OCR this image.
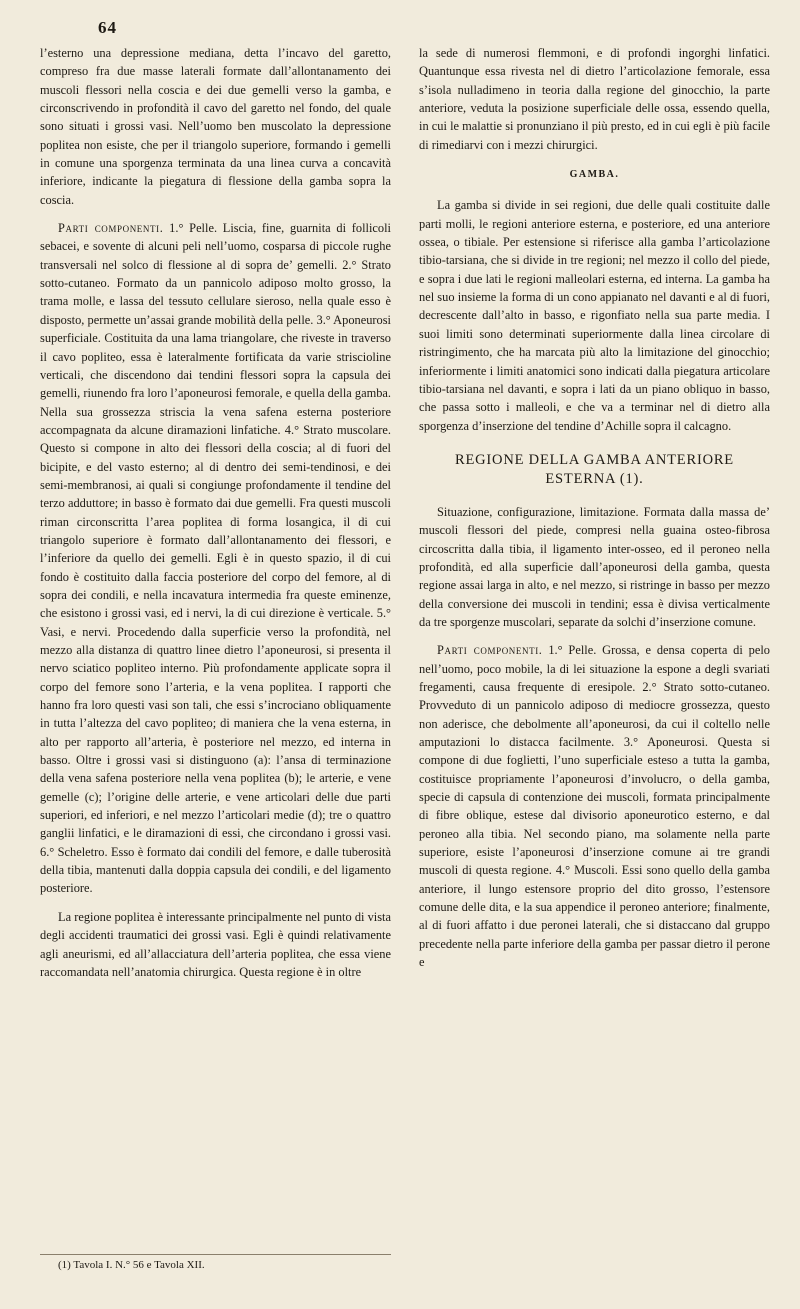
64

l’esterno una depressione mediana, detta l’incavo del garetto, compreso fra due masse laterali formate dall’allontanamento dei muscoli flessori nella coscia e dei due gemelli verso la gamba, e circonscrivendo in profondità il cavo del garetto nel fondo, del quale sono situati i grossi vasi. Nell’uomo ben muscolato la depressione poplitea non esiste, che per il triangolo superiore, formando i gemelli in comune una sporgenza terminata da una linea curva a concavità inferiore, indicante la piegatura di flessione della gamba sopra la coscia.

Parti componenti. 1.° Pelle. Liscia, fine, guarnita di follicoli sebacei, e sovente di alcuni peli nell’uomo, cosparsa di piccole rughe transversali nel solco di flessione al di sopra de’ gemelli. 2.° Strato sotto-cutaneo. Formato da un pannicolo adiposo molto grosso, la trama molle, e lassa del tessuto cellulare sieroso, nella quale esso è disposto, permette un’assai grande mobilità della pelle. 3.° Aponeurosi superficiale. Costituita da una lama triangolare, che riveste in traverso il cavo popliteo, essa è lateralmente fortificata da varie striscioline verticali, che discendono dai tendini flessori sopra la capsula dei gemelli, riunendo fra loro l’aponeurosi femorale, e quella della gamba. Nella sua grossezza striscia la vena safena esterna posteriore accompagnata da alcune diramazioni linfatiche. 4.° Strato muscolare. Questo si compone in alto dei flessori della coscia; al di fuori del bicipite, e del vasto esterno; al di dentro dei semi-tendinosi, e dei semi-membranosi, ai quali si congiunge profondamente il tendine del terzo adduttore; in basso è formato dai due gemelli. Fra questi muscoli riman circonscritta l’area poplitea di forma losangica, il di cui triangolo superiore è formato dall’allontanamento dei flessori, e l’inferiore da quello dei gemelli. Egli è in questo spazio, il di cui fondo è costituito dalla faccia posteriore del corpo del femore, al di sopra dei condili, e nella incavatura intermedia fra queste eminenze, che esistono i grossi vasi, ed i nervi, la di cui direzione è verticale. 5.° Vasi, e nervi. Procedendo dalla superficie verso la profondità, nel mezzo alla distanza di quattro linee dietro l’aponeurosi, si presenta il nervo sciatico popliteo interno. Più profondamente applicate sopra il corpo del femore sono l’arteria, e la vena poplitea. I rapporti che hanno fra loro questi vasi son tali, che essi s’incrociano obliquamente in tutta l’altezza del cavo popliteo; di maniera che la vena esterna, in alto per rapporto all’arteria, è posteriore nel mezzo, ed interna in basso. Oltre i grossi vasi si distinguono (a): l’ansa di terminazione della vena safena posteriore nella vena poplitea (b); le arterie, e vene gemelle (c); l’origine delle arterie, e vene articolari delle due parti superiori, ed inferiori, e nel mezzo l’articolari medie (d); tre o quattro ganglii linfatici, e le diramazioni di essi, che circondano i grossi vasi. 6.° Scheletro. Esso è formato dai condili del femore, e dalle tuberosità della tibia, mantenuti dalla doppia capsula dei condili, e del ligamento posteriore.

La regione poplitea è interessante principalmente nel punto di vista degli accidenti traumatici dei grossi vasi. Egli è quindi relativamente agli aneurismi, ed all’allacciatura dell’arteria poplitea, che essa viene raccomandata nell’anatomia chirurgica. Questa regione è in oltre

la sede di numerosi flemmoni, e di profondi ingorghi linfatici. Quantunque essa rivesta nel di dietro l’articolazione femorale, essa s’isola nulladimeno in teoria dalla regione del ginocchio, la parte anteriore, veduta la posizione superficiale delle ossa, essendo quella, in cui le malattie si pronunziano il più presto, ed in cui egli è più facile di rimediarvi con i mezzi chirurgici.

GAMBA.

La gamba si divide in sei regioni, due delle quali costituite dalle parti molli, le regioni anteriore esterna, e posteriore, ed una anteriore ossea, o tibiale. Per estensione si riferisce alla gamba l’articolazione tibio-tarsiana, che si divide in tre regioni; nel mezzo il collo del piede, e sopra i due lati le regioni malleolari esterna, ed interna. La gamba ha nel suo insieme la forma di un cono appianato nel davanti e al di fuori, decrescente dall’alto in basso, e rigonfiato nella sua parte media. I suoi limiti sono determinati superiormente dalla linea circolare di ristringimento, che ha marcata più alto la limitazione del ginocchio; inferiormente i limiti anatomici sono indicati dalla piegatura articolare tibio-tarsiana nel davanti, e sopra i lati da un piano obliquo in basso, che passa sotto i malleoli, e che va a terminar nel di dietro alla sporgenza d’inserzione del tendine d’Achille sopra il calcagno.

REGIONE DELLA GAMBA ANTERIORE
ESTERNA (1).

Situazione, configurazione, limitazione. Formata dalla massa de’ muscoli flessori del piede, compresi nella guaina osteo-fibrosa circoscritta dalla tibia, il ligamento inter-osseo, ed il peroneo nella profondità, ed alla superficie dall’aponeurosi della gamba, questa regione assai larga in alto, e nel mezzo, si ristringe in basso per mezzo della conversione dei muscoli in tendini; essa è divisa verticalmente da tre sporgenze muscolari, separate da solchi d’inserzione comune.

Parti componenti. 1.° Pelle. Grossa, e densa coperta di pelo nell’uomo, poco mobile, la di lei situazione la espone a degli svariati fregamenti, causa frequente di eresipole. 2.° Strato sotto-cutaneo. Provveduto di un pannicolo adiposo di mediocre grossezza, questo non aderisce, che debolmente all’aponeurosi, da cui il coltello nelle amputazioni lo distacca facilmente. 3.° Aponeurosi. Questa si compone di due foglietti, l’uno superficiale esteso a tutta la gamba, costituisce propriamente l’aponeurosi d’involucro, o della gamba, specie di capsula di contenzione dei muscoli, formata principalmente di fibre oblique, estese dal divisorio aponeurotico esterno, e dal peroneo alla tibia. Nel secondo piano, ma solamente nella parte superiore, esiste l’aponeurosi d’inserzione comune ai tre grandi muscoli di questa regione. 4.° Muscoli. Essi sono quello della gamba anteriore, il lungo estensore proprio del dito grosso, l’estensore comune delle dita, e la sua appendice il peroneo anteriore; finalmente, al di fuori affatto i due peronei laterali, che si distaccano dal gruppo precedente nella parte inferiore della gamba per passar dietro il perone e

(1) Tavola I. N.° 56 e Tavola XII.
